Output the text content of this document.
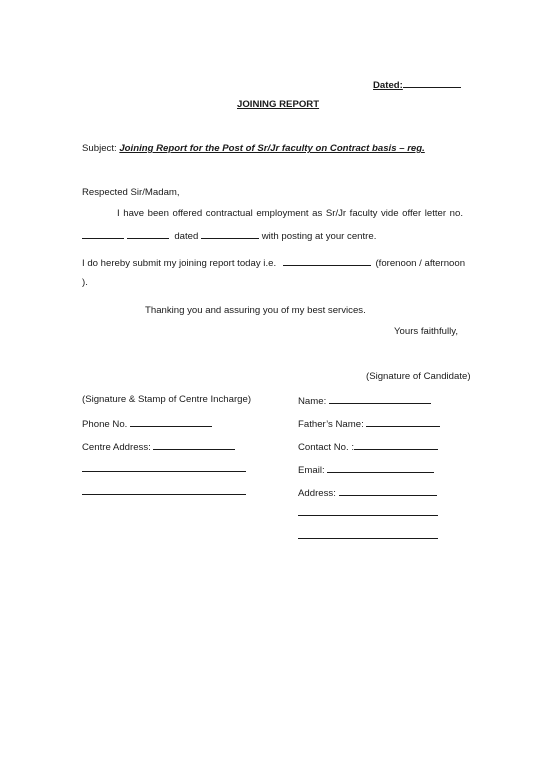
Dated:
JOINING REPORT
Subject: Joining Report for the Post of Sr/Jr faculty on Contract basis – reg.
Respected Sir/Madam,
I have been offered contractual employment as Sr/Jr faculty vide offer letter no.
dated	with posting at your centre.
I do hereby submit my joining report today i.e.	(forenoon / afternoon
).
Thanking you and assuring you of my best services.
Yours faithfully,
(Signature of Candidate)
(Signature & Stamp of Centre Incharge)
Phone No.
Centre Address:
Name:
Father’s Name:
Contact No. :
Email:
Address:
